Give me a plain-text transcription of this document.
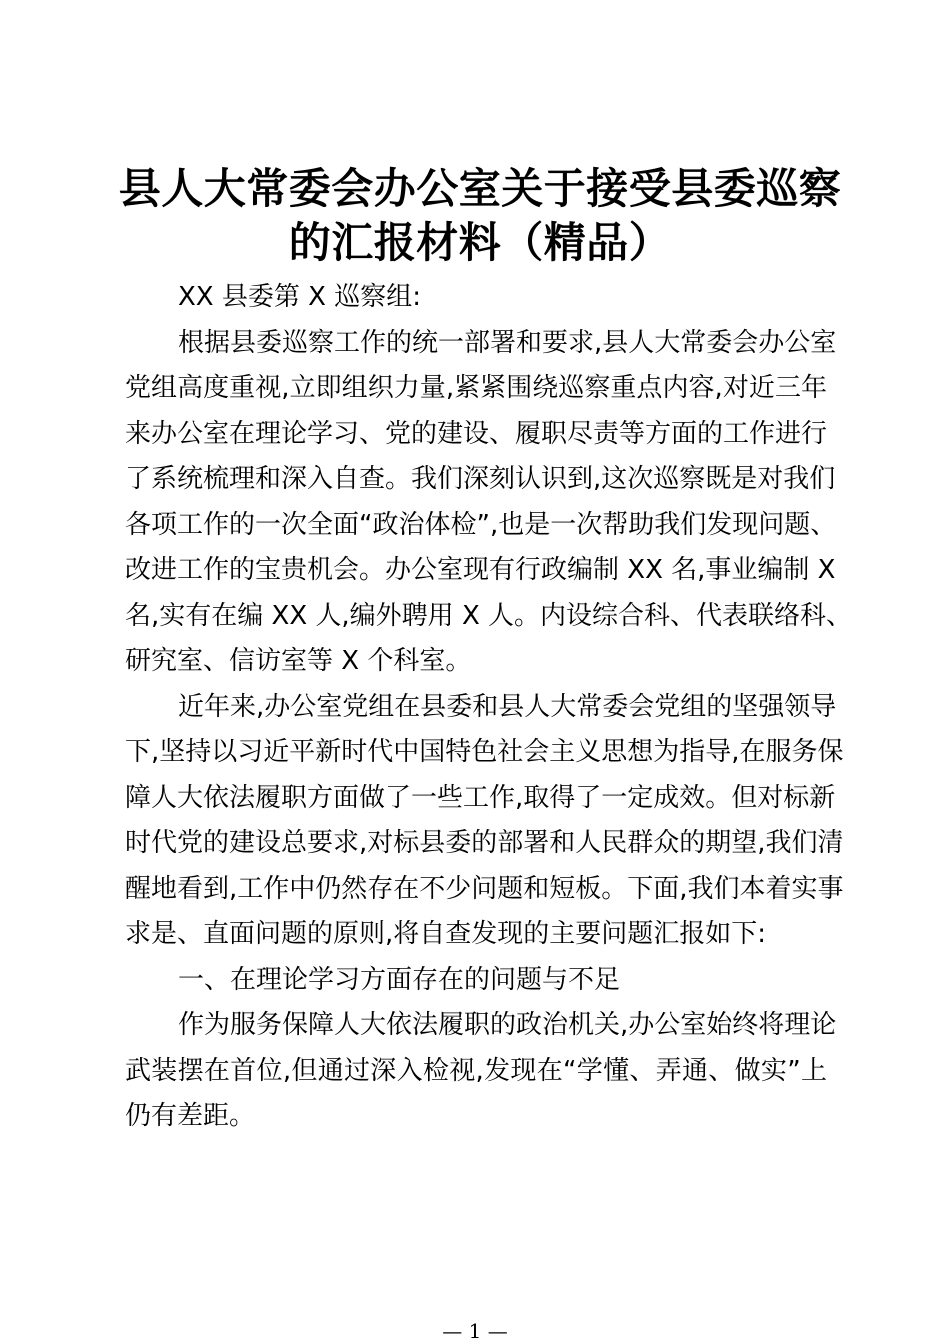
县人大常委会办公室关于接受县委巡察
的汇报材料（精品）
XX 县委第 X 巡察组:
根据县委巡察工作的统一部署和要求,县人大常委会办公室
党组高度重视,立即组织力量,紧紧围绕巡察重点内容,对近三年
来办公室在理论学习、党的建设、履职尽责等方面的工作进行
了系统梳理和深入自查。我们深刻认识到,这次巡察既是对我们
各项工作的一次全面“政治体检”,也是一次帮助我们发现问题、
改进工作的宝贵机会。办公室现有行政编制 XX 名,事业编制 X
名,实有在编 XX 人,编外聘用 X 人。内设综合科、代表联络科、
研究室、信访室等 X 个科室。
近年来,办公室党组在县委和县人大常委会党组的坚强领导
下,坚持以习近平新时代中国特色社会主义思想为指导,在服务保
障人大依法履职方面做了一些工作,取得了一定成效。但对标新
时代党的建设总要求,对标县委的部署和人民群众的期望,我们清
醒地看到,工作中仍然存在不少问题和短板。下面,我们本着实事
求是、直面问题的原则,将自查发现的主要问题汇报如下:
一、在理论学习方面存在的问题与不足
作为服务保障人大依法履职的政治机关,办公室始终将理论
武装摆在首位,但通过深入检视,发现在“学懂、弄通、做实”上
仍有差距。
— 1 —
